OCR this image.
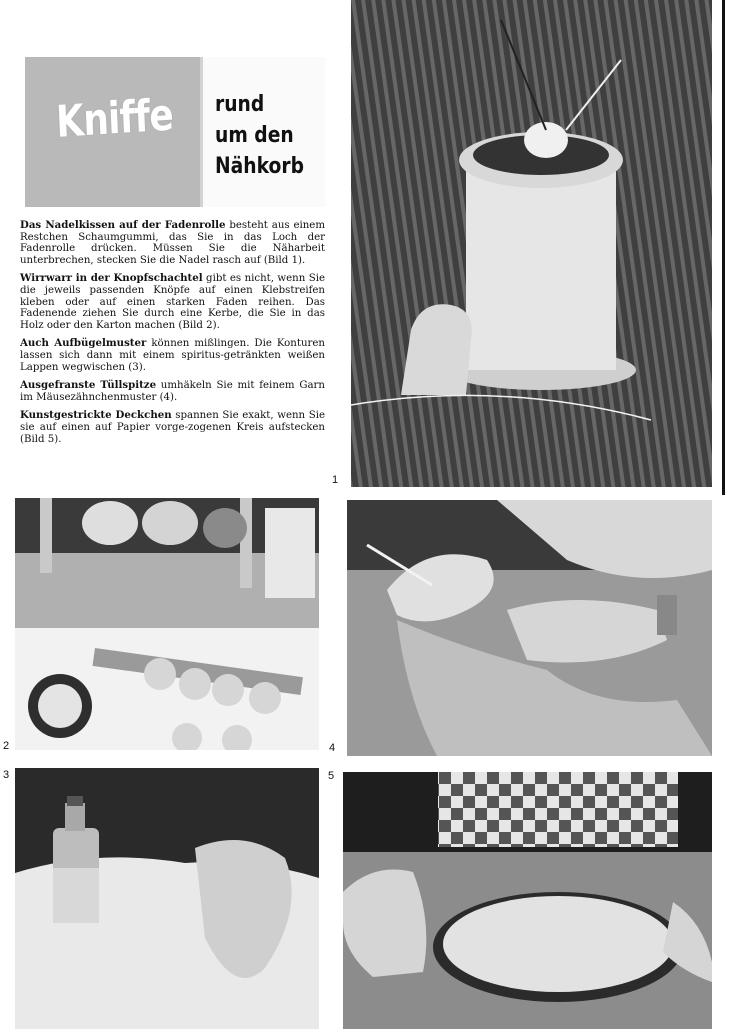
Kniffe rund
um den
Nähkorb

Das Nadelkissen auf der Fadenrolle besteht aus einem Restchen Schaumgummi, das Sie in das Loch der Fadenrolle drücken. Müssen Sie die Näharbeit unterbrechen, stecken Sie die Nadel rasch auf (Bild 1).

Wirrwarr in der Knopfschachtel gibt es nicht, wenn Sie die jeweils passenden Knöpfe auf einen Klebstreifen kleben oder auf einen starken Faden reihen. Das Fadenende ziehen Sie durch eine Kerbe, die Sie in das Holz oder den Karton machen (Bild 2).

Auch Aufbügelmuster können mißlingen. Die Konturen lassen sich dann mit einem spiritus-getränkten weißen Lappen wegwischen (3).

Ausgefranste Tüllspitze umhäkeln Sie mit feinem Garn im Mäusezähnchenmuster (4).

Kunstgestrickte Deckchen spannen Sie exakt, wenn Sie sie auf einen auf Papier vorge-zogenen Kreis aufstecken (Bild 5).

1
2	4
3	5
